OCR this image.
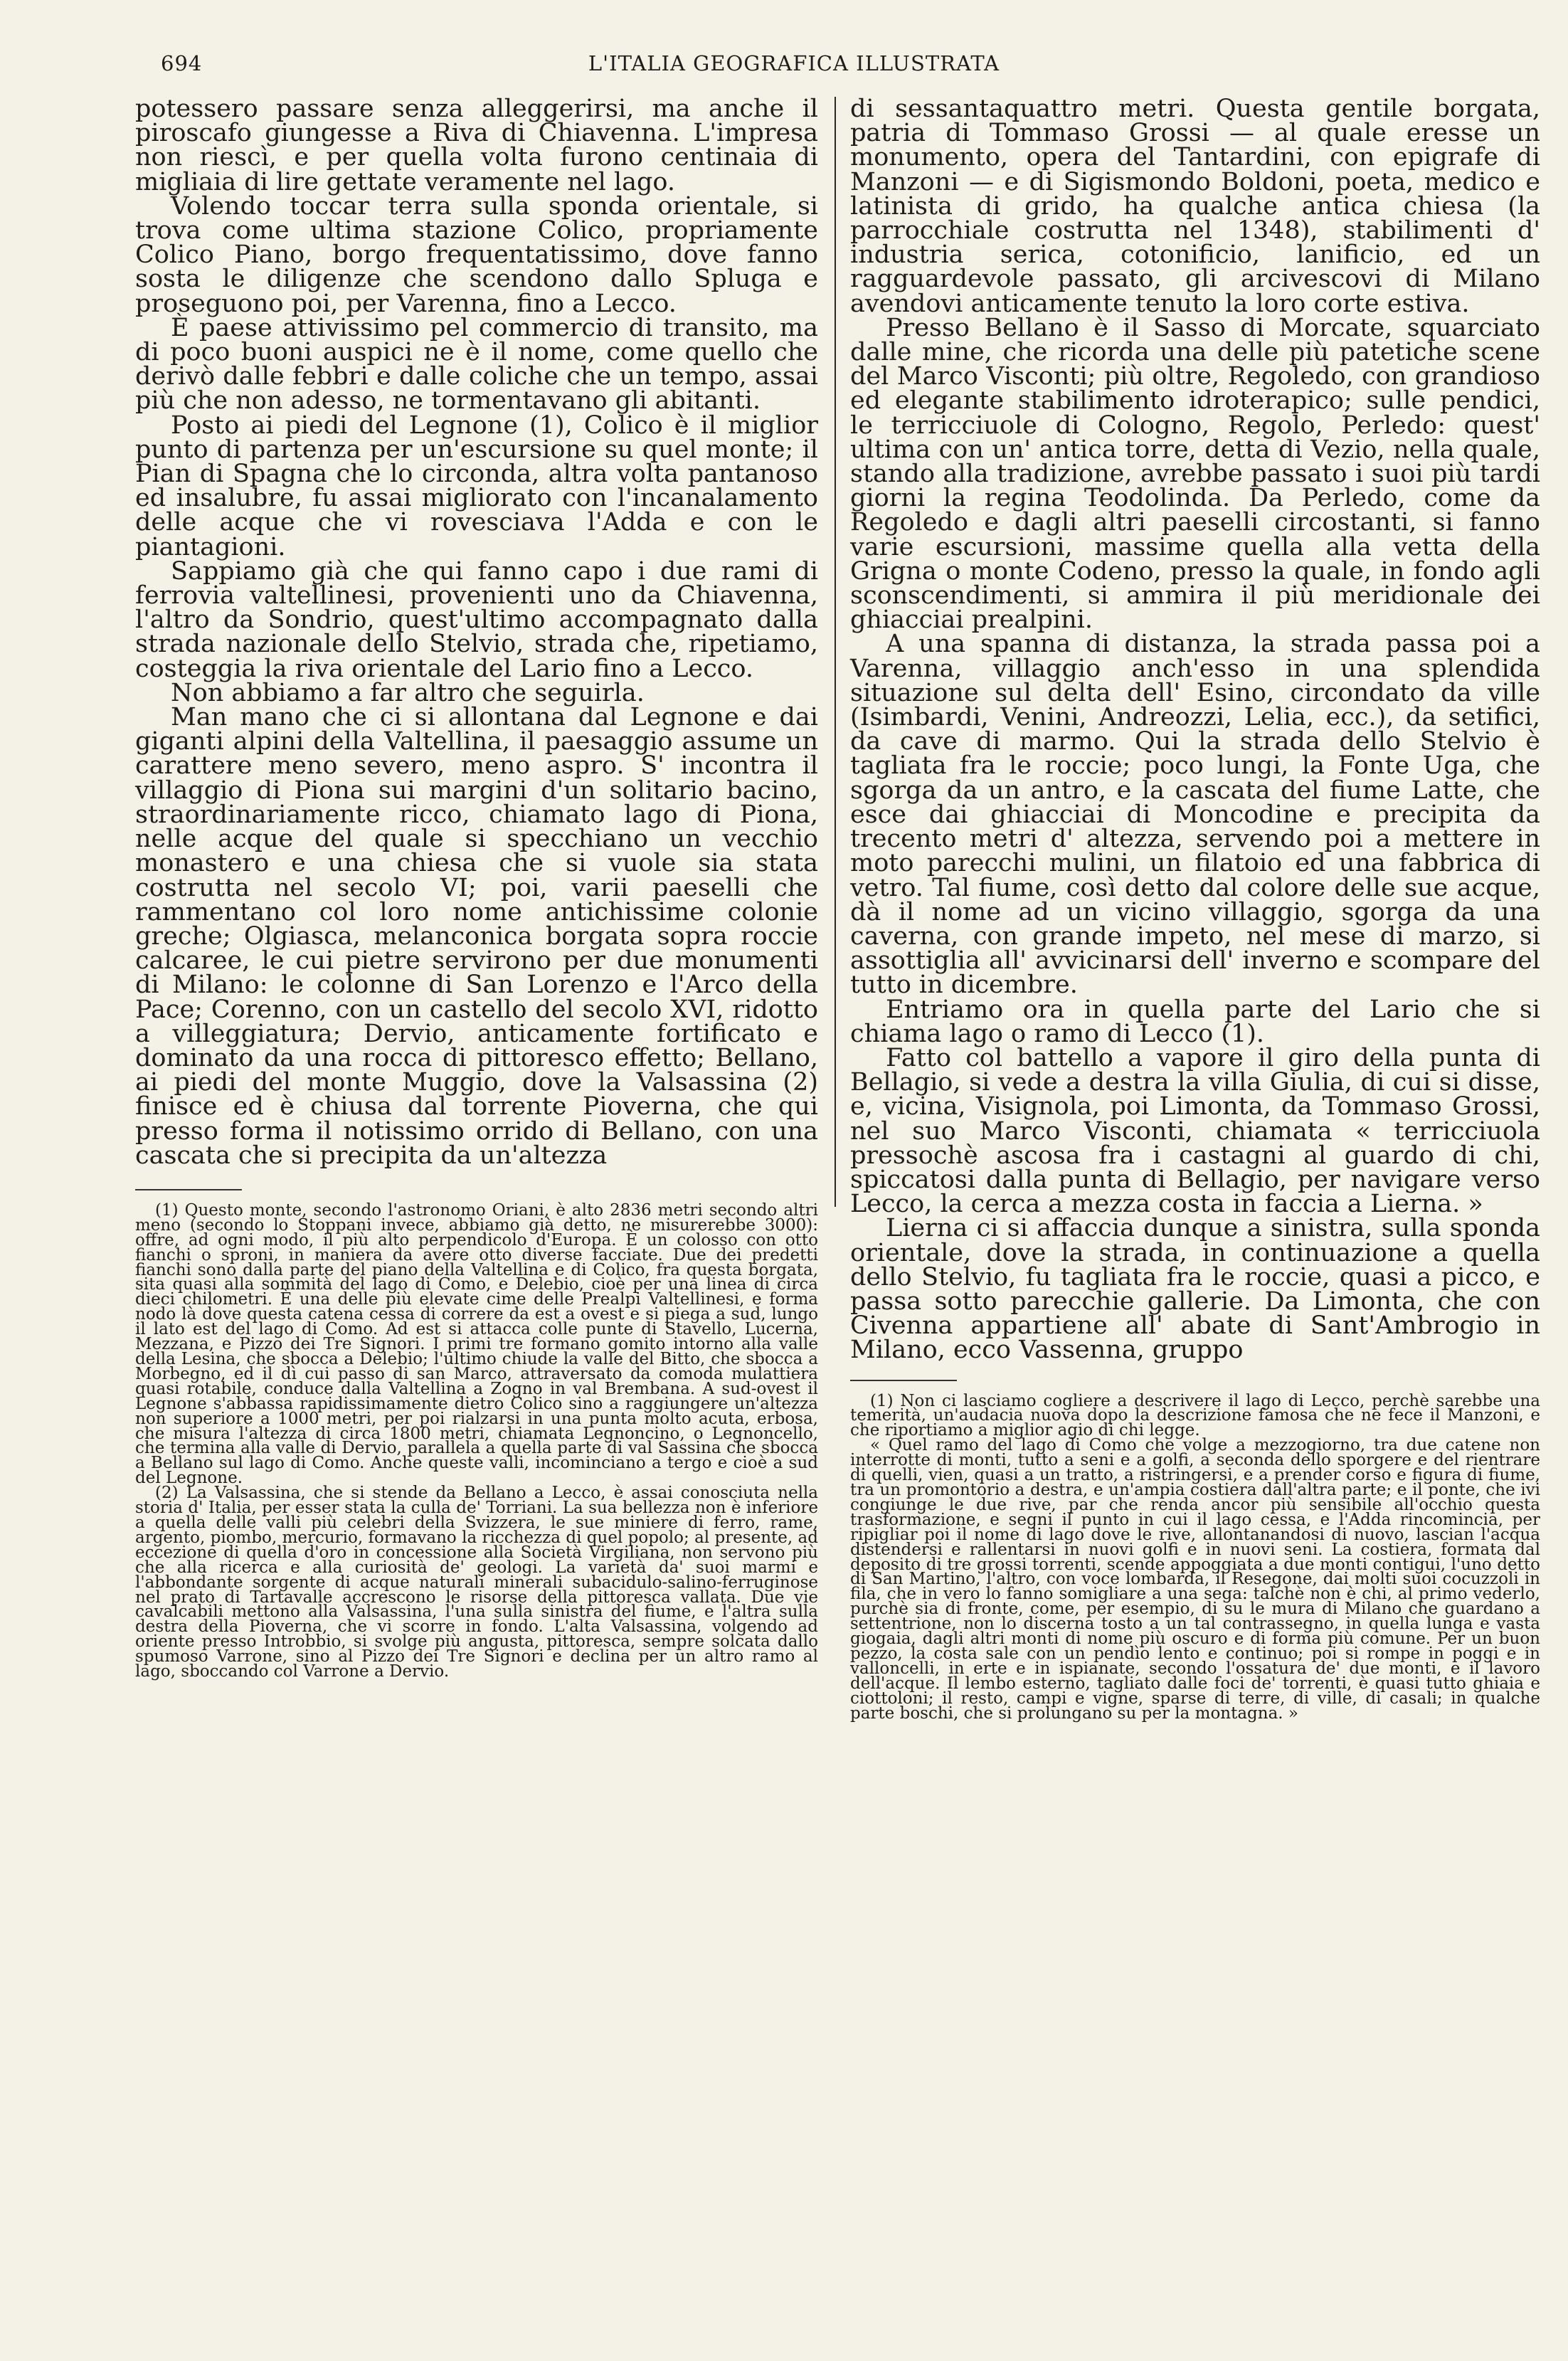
694	L'ITALIA GEOGRAFICA ILLUSTRATA

potessero passare senza alleggerirsi, ma anche il piroscafo giungesse a Riva di Chiavenna. L'impresa non riescì, e per quella volta furono centinaia di migliaia di lire gettate veramente nel lago.

Volendo toccar terra sulla sponda orientale, si trova come ultima stazione Colico, propriamente Colico Piano, borgo frequentatissimo, dove fanno sosta le diligenze che scendono dallo Spluga e proseguono poi, per Varenna, fino a Lecco.

È paese attivissimo pel commercio di transito, ma di poco buoni auspici ne è il nome, come quello che derivò dalle febbri e dalle coliche che un tempo, assai più che non adesso, ne tormentavano gli abitanti.

Posto ai piedi del Legnone (1), Colico è il miglior punto di partenza per un'escursione su quel monte; il Pian di Spagna che lo circonda, altra volta pantanoso ed insalubre, fu assai migliorato con l'incanalamento delle acque che vi rovesciava l'Adda e con le piantagioni.

Sappiamo già che qui fanno capo i due rami di ferrovia valtellinesi, provenienti uno da Chiavenna, l'altro da Sondrio, quest'ultimo accompagnato dalla strada nazionale dello Stelvio, strada che, ripetiamo, costeggia la riva orientale del Lario fino a Lecco.

Non abbiamo a far altro che seguirla.

Man mano che ci si allontana dal Legnone e dai giganti alpini della Valtellina, il paesaggio assume un carattere meno severo, meno aspro. S' incontra il villaggio di Piona sui margini d'un solitario bacino, straordinariamente ricco, chiamato lago di Piona, nelle acque del quale si specchiano un vecchio monastero e una chiesa che si vuole sia stata costrutta nel secolo VI; poi, varii paeselli che rammentano col loro nome antichissime colonie greche; Olgiasca, melanconica borgata sopra roccie calcaree, le cui pietre servirono per due monumenti di Milano: le colonne di San Lorenzo e l'Arco della Pace; Corenno, con un castello del secolo XVI, ridotto a villeggiatura; Dervio, anticamente fortificato e dominato da una rocca di pittoresco effetto; Bellano, ai piedi del monte Muggio, dove la Valsassina (2) finisce ed è chiusa dal torrente Pioverna, che qui presso forma il notissimo orrido di Bellano, con una cascata che si precipita da un'altezza

(1) Questo monte, secondo l'astronomo Oriani, è alto 2836 metri secondo altri meno (secondo lo Stoppani invece, abbiamo già detto, ne misurerebbe 3000): offre, ad ogni modo, il più alto perpendicolo d'Europa. È un colosso con otto fianchi o sproni, in maniera da avere otto diverse facciate. Due dei predetti fianchi sono dalla parte del piano della Valtellina e di Colico, fra questa borgata, sita quasi alla sommità del lago di Como, e Delebio, cioè per una linea di circa dieci chilometri. È una delle più elevate cime delle Prealpi Valtellinesi, e forma nodo là dove questa catena cessa di correre da est a ovest e si piega a sud, lungo il lato est del lago di Como. Ad est si attacca colle punte di Stavello, Lucerna, Mezzana, e Pizzo dei Tre Signori. I primi tre formano gomito intorno alla valle della Lesina, che sbocca a Delebio; l'ultimo chiude la valle del Bitto, che sbocca a Morbegno, ed il dì cui passo di san Marco, attraversato da comoda mulattiera quasi rotabile, conduce dalla Valtellina a Zogno in val Brembana. A sud-ovest il Legnone s'abbassa rapidissimamente dietro Colico sino a raggiungere un'altezza non superiore a 1000 metri, per poi rialzarsi in una punta molto acuta, erbosa, che misura l'altezza di circa 1800 metri, chiamata Legnoncino, o Legnoncello, che termina alla valle di Dervio, parallela a quella parte di val Sassina che sbocca a Bellano sul lago di Como. Anche queste valli, incominciano a tergo e cioè a sud del Legnone.

(2) La Valsassina, che si stende da Bellano a Lecco, è assai conosciuta nella storia d' Italia, per esser stata la culla de' Torriani. La sua bellezza non è inferiore a quella delle valli più celebri della Svizzera, le sue miniere di ferro, rame, argento, piombo, mercurio, formavano la ricchezza di quel popolo; al presente, ad eccezione di quella d'oro in concessione alla Società Virgiliana, non servono più che alla ricerca e alla curiosità de' geologi. La varietà da' suoi marmi e l'abbondante sorgente di acque naturali minerali subacidulo-salino-ferruginose nel prato di Tartavalle accrescono le risorse della pittoresca vallata. Due vie cavalcabili mettono alla Valsassina, l'una sulla sinistra del fiume, e l'altra sulla destra della Pioverna, che vi scorre in fondo. L'alta Valsassina, volgendo ad oriente presso Introbbio, si svolge più angusta, pittoresca, sempre solcata dallo spumoso Varrone, sino al Pizzo dei Tre Signori e declina per un altro ramo al lago, sboccando col Varrone a Dervio.

di sessantaquattro metri. Questa gentile borgata, patria di Tommaso Grossi — al quale eresse un monumento, opera del Tantardini, con epigrafe di Manzoni — e di Sigismondo Boldoni, poeta, medico e latinista di grido, ha qualche antica chiesa (la parrocchiale costrutta nel 1348), stabilimenti d' industria serica, cotonificio, lanificio, ed un ragguardevole passato, gli arcivescovi di Milano avendovi anticamente tenuto la loro corte estiva.

Presso Bellano è il Sasso di Morcate, squarciato dalle mine, che ricorda una delle più patetiche scene del Marco Visconti; più oltre, Regoledo, con grandioso ed elegante stabilimento idroterapico; sulle pendici, le terricciuole di Cologno, Regolo, Perledo: quest' ultima con un' antica torre, detta di Vezio, nella quale, stando alla tradizione, avrebbe passato i suoi più tardi giorni la regina Teodolinda. Da Perledo, come da Regoledo e dagli altri paeselli circostanti, si fanno varie escursioni, massime quella alla vetta della Grigna o monte Codeno, presso la quale, in fondo agli sconscendimenti, si ammira il più meridionale dei ghiacciai prealpini.

A una spanna di distanza, la strada passa poi a Varenna, villaggio anch'esso in una splendida situazione sul delta dell' Esino, circondato da ville (Isimbardi, Venini, Andreozzi, Lelia, ecc.), da setifici, da cave di marmo. Qui la strada dello Stelvio è tagliata fra le roccie; poco lungi, la Fonte Uga, che sgorga da un antro, e la cascata del fiume Latte, che esce dai ghiacciai di Moncodine e precipita da trecento metri d' altezza, servendo poi a mettere in moto parecchi mulini, un filatoio ed una fabbrica di vetro. Tal fiume, così detto dal colore delle sue acque, dà il nome ad un vicino villaggio, sgorga da una caverna, con grande impeto, nel mese di marzo, si assottiglia all' avvicinarsi dell' inverno e scompare del tutto in dicembre.

Entriamo ora in quella parte del Lario che si chiama lago o ramo di Lecco (1).

Fatto col battello a vapore il giro della punta di Bellagio, si vede a destra la villa Giulia, di cui si disse, e, vicina, Visignola, poi Limonta, da Tommaso Grossi, nel suo Marco Visconti, chiamata « terricciuola pressochè ascosa fra i castagni al guardo di chi, spiccatosi dalla punta di Bellagio, per navigare verso Lecco, la cerca a mezza costa in faccia a Lierna. »

Lierna ci si affaccia dunque a sinistra, sulla sponda orientale, dove la strada, in continuazione a quella dello Stelvio, fu tagliata fra le roccie, quasi a picco, e passa sotto parecchie gallerie. Da Limonta, che con Civenna appartiene all' abate di Sant'Ambrogio in Milano, ecco Vassenna, gruppo

(1) Non ci lasciamo cogliere a descrivere il lago di Lecco, perchè sarebbe una temerità, un'audacia nuova dopo la descrizione famosa che ne fece il Manzoni, e che riportiamo a miglior agio di chi legge.

« Quel ramo del lago di Como che volge a mezzogiorno, tra due catene non interrotte di monti, tutto a seni e a golfi, a seconda dello sporgere e del rientrare di quelli, vien, quasi a un tratto, a ristringersi, e a prender corso e figura di fiume, tra un promontorio a destra, e un'ampia costiera dall'altra parte; e il ponte, che ivi congiunge le due rive, par che renda ancor più sensibile all'occhio questa trasformazione, e segni il punto in cui il lago cessa, e l'Adda rincomincia, per ripigliar poi il nome di lago dove le rive, allontanandosi di nuovo, lascian l'acqua distendersi e rallentarsi in nuovi golfi e in nuovi seni. La costiera, formata dal deposito di tre grossi torrenti, scende appoggiata a due monti contigui, l'uno detto di San Martino, l'altro, con voce lombarda, il Resegone, dai molti suoi cocuzzoli in fila, che in vero lo fanno somigliare a una sega: talchè non è chi, al primo vederlo, purchè sia di fronte, come, per esempio, di su le mura di Milano che guardano a settentrione, non lo discerna tosto a un tal contrassegno, in quella lunga e vasta giogaia, dagli altri monti di nome più oscuro e di forma più comune. Per un buon pezzo, la costa sale con un pendìo lento e continuo; poi si rompe in poggi e in valloncelli, in erte e in ispianate, secondo l'ossatura de' due monti, e il lavoro dell'acque. Il lembo esterno, tagliato dalle foci de' torrenti, è quasi tutto ghiaia e ciottoloni; il resto, campi e vigne, sparse di terre, di ville, di casali; in qualche parte boschi, che si prolungano su per la montagna. »
